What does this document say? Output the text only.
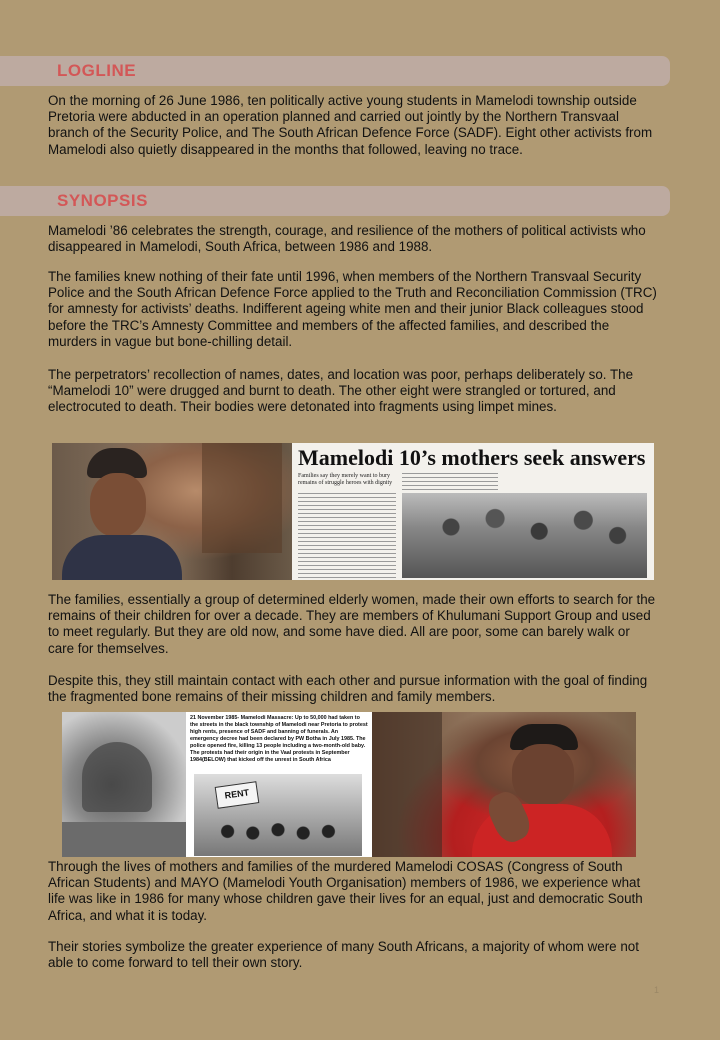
LOGLINE

On the morning of 26 June 1986, ten politically active young students in Mamelodi township outside Pretoria were abducted in an operation planned and carried out jointly by the Northern Transvaal branch of the Security Police, and The South African Defence Force (SADF). Eight other activists from Mamelodi also quietly disappeared in the months that followed, leaving no trace.

SYNOPSIS

Mamelodi ’86 celebrates the strength, courage, and resilience of the mothers of political activists who disappeared in Mamelodi, South Africa, between 1986 and 1988.

The families knew nothing of their fate until 1996, when members of the Northern Transvaal Security Police and the South African Defence Force applied to the Truth and Reconciliation Commission (TRC) for amnesty for activists’ deaths. Indifferent ageing white men and their junior Black colleagues stood before the TRC’s Amnesty Committee and members of the affected families, and described the murders in vague but bone-chilling detail.

The perpetrators’ recollection of names, dates, and location was poor, perhaps deliberately so. The “Mamelodi 10” were drugged and burnt to death. The other eight were strangled or tortured, and electrocuted to death. Their bodies were detonated into fragments using limpet mines.

Mamelodi 10’s mothers seek answers
Families say they merely want to bury remains of struggle heroes with dignity

The families, essentially a group of determined elderly women, made their own efforts to search for the remains of their children for over a decade. They are members of Khulumani Support Group and used to meet regularly. But they are old now, and some have died. All are poor, some can barely walk or care for themselves.

Despite this, they still maintain contact with each other and pursue information with the goal of finding the fragmented bone remains of their missing children and family members.

21 November 1985- Mamelodi Massacre: Up to 50,000 had taken to the streets in the black township of Mamelodi near Pretoria to protest high rents, presence of SADF and banning of funerals. An emergency decree had been declared by PW Botha in July 1985. The police opened fire, killing 13 people including a two-month-old baby. The protests had their origin in the Vaal protests in September 1984(BELOW) that kicked off the unrest in South Africa
RENT

Through the lives of mothers and families of the murdered Mamelodi COSAS (Congress of South African Students) and MAYO (Mamelodi Youth Organisation) members of 1986, we experience what life was like in 1986 for many whose children gave their lives for an equal, just and democratic South Africa, and what it is today.

Their stories symbolize the greater experience of many South Africans, a majority of whom were not able to come forward to tell their own story.

1
